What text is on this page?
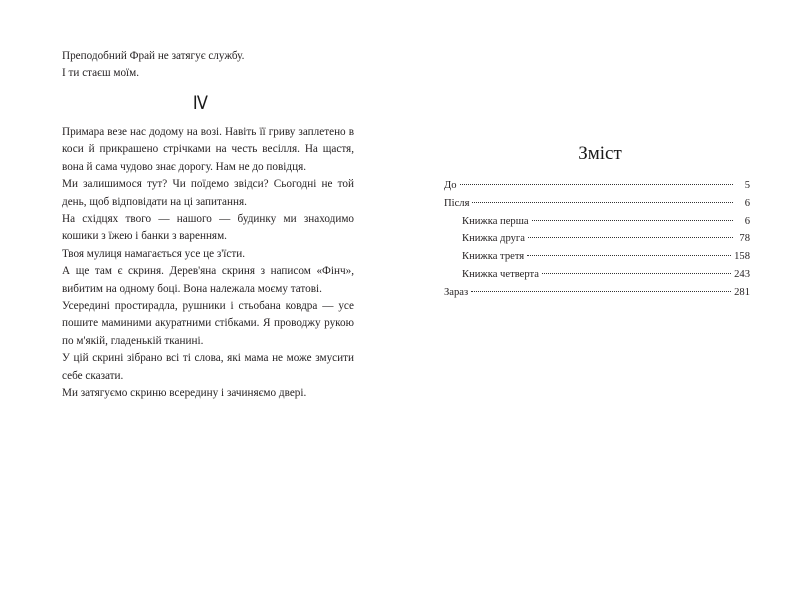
Преподобний Фрай не затягує службу.

І ти стаєш моїм.

IV

Примара везе нас додому на возі. Навіть її гриву заплетено в коси й прикрашено стрічками на честь весілля. На щастя, вона й сама чудово знає дорогу. Нам не до повідця.

Ми залишимося тут? Чи поїдемо звідси? Сьогодні не той день, щоб відповідати на ці запитання.

На східцях твого — нашого — будинку ми знаходимо кошики з їжею і банки з варенням.

Твоя мулиця намагається усе це з'їсти.

А ще там є скриня. Дерев'яна скриня з написом «Фінч», вибитим на одному боці. Вона належала моєму татові.

Усередині простирадла, рушники і стьобана ковдра — усе пошите маминими акуратними стібками. Я проводжу рукою по м'якій, гладенькій тканині.

У цій скрині зібрано всі ті слова, які мама не може змусити себе сказати.

Ми затягуємо скриню всередину і зачиняємо двері.

Зміст
До	5
Після	6
Книжка перша	6
Книжка друга	78
Книжка третя	158
Книжка четверта	243
Зараз	281
